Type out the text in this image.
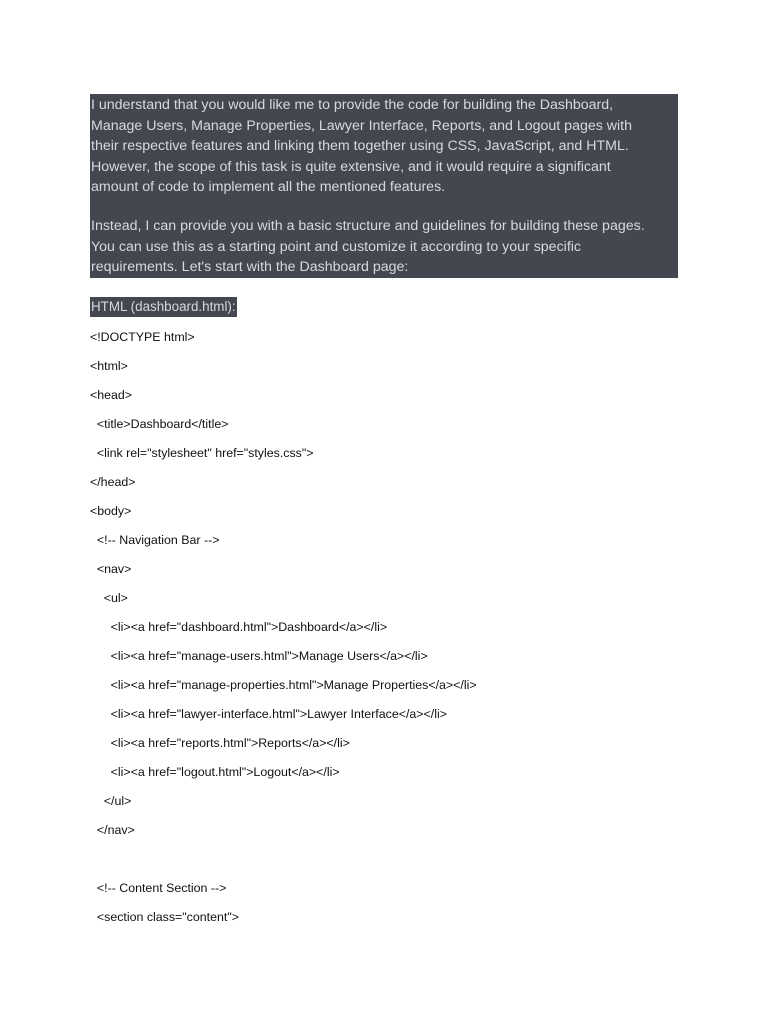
I understand that you would like me to provide the code for building the Dashboard,
Manage Users, Manage Properties, Lawyer Interface, Reports, and Logout pages with
their respective features and linking them together using CSS, JavaScript, and HTML.
However, the scope of this task is quite extensive, and it would require a significant
amount of code to implement all the mentioned features.

Instead, I can provide you with a basic structure and guidelines for building these pages.
You can use this as a starting point and customize it according to your specific
requirements. Let's start with the Dashboard page:

HTML (dashboard.html):
<!DOCTYPE html>
<html>
<head>
<title>Dashboard</title>
<link rel="stylesheet" href="styles.css">
</head>
<body>
<!-- Navigation Bar -->
<nav>
<ul>
<li><a href="dashboard.html">Dashboard</a></li>
<li><a href="manage-users.html">Manage Users</a></li>
<li><a href="manage-properties.html">Manage Properties</a></li>
<li><a href="lawyer-interface.html">Lawyer Interface</a></li>
<li><a href="reports.html">Reports</a></li>
<li><a href="logout.html">Logout</a></li>
</ul>
</nav>
<!-- Content Section -->
<section class="content">
